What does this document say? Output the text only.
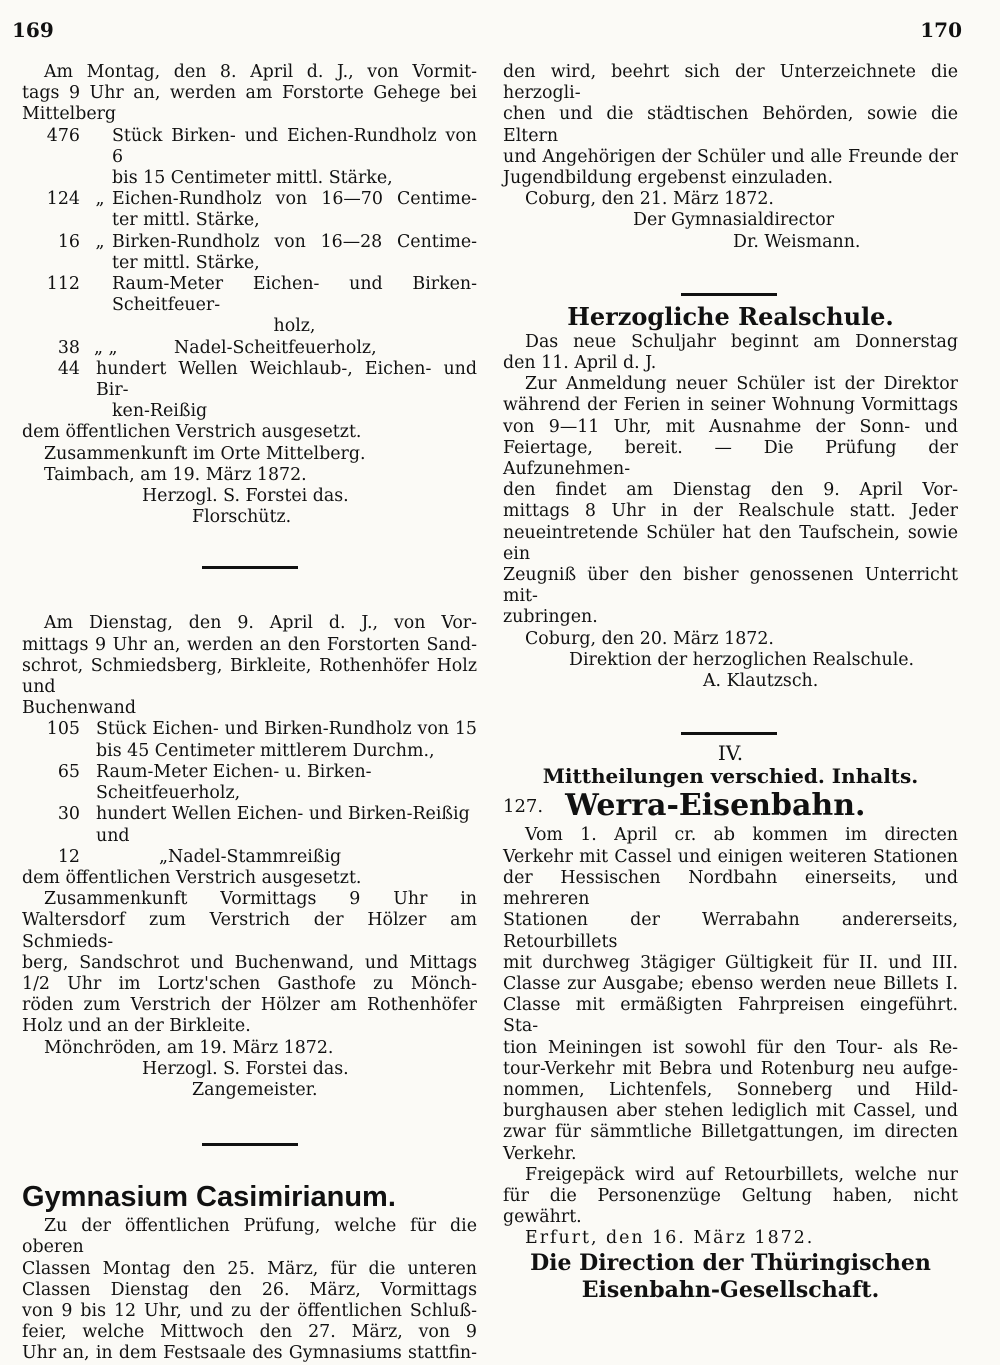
169	170

Am Montag, den 8. April d. J., von Vormit-

tags 9 Uhr an, werden am Forstorte Gehege bei

Mittelberg

476	Stück Birken- und Eichen-Rundholz von 6

bis 15 Centimeter mittl. Stärke,

124 „ Eichen-Rundholz von 16—70 Centime-

ter mittl. Stärke,

16 „ Birken-Rundholz von 16—28 Centime-

ter mittl. Stärke,

112	Raum-Meter Eichen- und Birken-Scheitfeuer-

holz,

38 „ „	Nadel-Scheitfeuerholz,

44 hundert Wellen Weichlaub-, Eichen- und Bir-

ken-Reißig

dem öffentlichen Verstrich ausgesetzt.

Zusammenkunft im Orte Mittelberg.

Taimbach, am 19. März 1872.

Herzogl. S. Forstei das.

Florschütz.

Am Dienstag, den 9. April d. J., von Vor-

mittags 9 Uhr an, werden an den Forstorten Sand-

schrot, Schmiedsberg, Birkleite, Rothenhöfer Holz und

Buchenwand

105 Stück Eichen- und Birken-Rundholz von 15

bis 45 Centimeter mittlerem Durchm.,

65 Raum-Meter Eichen- u. Birken-Scheitfeuerholz,

30 hundert Wellen Eichen- und Birken-Reißig und

12	„ Nadel-Stammreißig

dem öffentlichen Verstrich ausgesetzt.

Zusammenkunft Vormittags 9 Uhr in

Waltersdorf zum Verstrich der Hölzer am Schmieds-

berg, Sandschrot und Buchenwand, und Mittags

1/2 Uhr im Lortz'schen Gasthofe zu Mönch-

röden zum Verstrich der Hölzer am Rothenhöfer

Holz und an der Birkleite.

Mönchröden, am 19. März 1872.

Herzogl. S. Forstei das.

Zangemeister.

Gymnasium Casimirianum.

Zu der öffentlichen Prüfung, welche für die oberen

Classen Montag den 25. März, für die unteren

Classen Dienstag den 26. März, Vormittags

von 9 bis 12 Uhr, und zu der öffentlichen Schluß-

feier, welche Mittwoch den 27. März, von 9

Uhr an, in dem Festsaale des Gymnasiums stattfin-

den wird, beehrt sich der Unterzeichnete die herzogli-

chen und die städtischen Behörden, sowie die Eltern

und Angehörigen der Schüler und alle Freunde der

Jugendbildung ergebenst einzuladen.

Coburg, den 21. März 1872.

Der Gymnasialdirector

Dr. Weismann.

Herzogliche Realschule.

Das neue Schuljahr beginnt am Donnerstag

den 11. April d. J.

Zur Anmeldung neuer Schüler ist der Direktor

während der Ferien in seiner Wohnung Vormittags

von 9—11 Uhr, mit Ausnahme der Sonn- und

Feiertage, bereit. — Die Prüfung der Aufzunehmen-

den findet am Dienstag den 9. April Vor-

mittags 8 Uhr in der Realschule statt. Jeder

neueintretende Schüler hat den Taufschein, sowie ein

Zeugniß über den bisher genossenen Unterricht mit-

zubringen.

Coburg, den 20. März 1872.

Direktion der herzoglichen Realschule.

A. Klautzsch.

IV.

Mittheilungen verschied. Inhalts.

127. Werra-Eisenbahn.

Vom 1. April cr. ab kommen im directen

Verkehr mit Cassel und einigen weiteren Stationen

der Hessischen Nordbahn einerseits, und mehreren

Stationen der Werrabahn andererseits, Retourbillets

mit durchweg 3tägiger Gültigkeit für II. und III.

Classe zur Ausgabe; ebenso werden neue Billets I.

Classe mit ermäßigten Fahrpreisen eingeführt. Sta-

tion Meiningen ist sowohl für den Tour- als Re-

tour-Verkehr mit Bebra und Rotenburg neu aufge-

nommen, Lichtenfels, Sonneberg und Hild-

burghausen aber stehen lediglich mit Cassel, und

zwar für sämmtliche Billetgattungen, im directen

Verkehr.

Freigepäck wird auf Retourbillets, welche nur

für die Personenzüge Geltung haben, nicht gewährt.

Erfurt, den 16. März 1872.

Die Direction der Thüringischen

Eisenbahn-Gesellschaft.
